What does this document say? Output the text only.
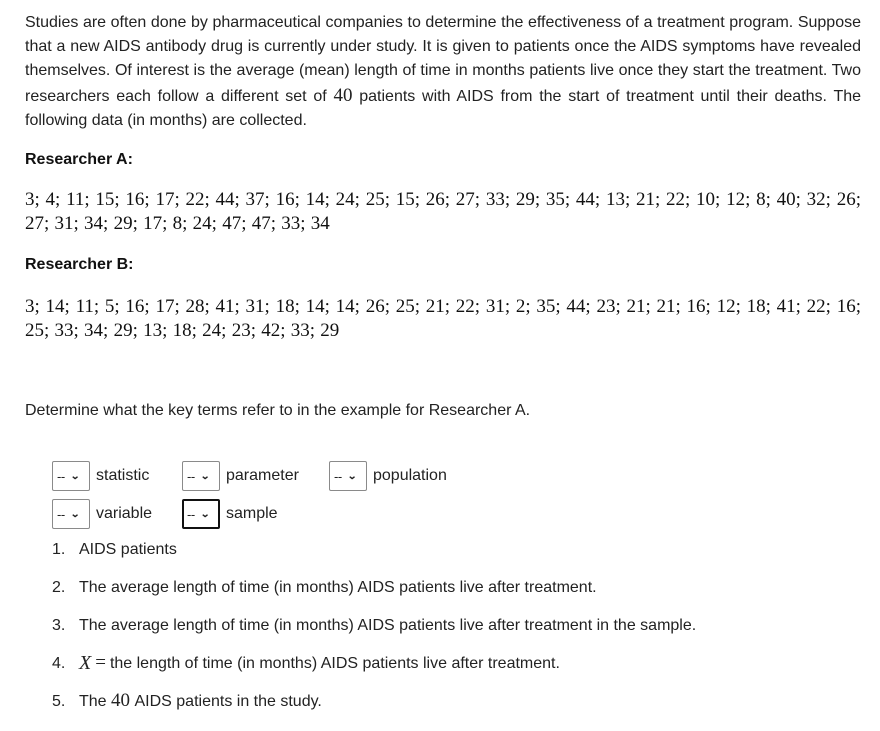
Studies are often done by pharmaceutical companies to determine the effectiveness of a treatment program. Suppose that a new AIDS antibody drug is currently under study. It is given to patients once the AIDS symptoms have revealed themselves. Of interest is the average (mean) length of time in months patients live once they start the treatment. Two researchers each follow a different set of 40 patients with AIDS from the start of treatment until their deaths. The following data (in months) are collected.

Researcher A:

3; 4; 11; 15; 16; 17; 22; 44; 37; 16; 14; 24; 25; 15; 26; 27; 33; 29; 35; 44; 13; 21; 22; 10; 12; 8; 40; 32; 26; 27; 31; 34; 29; 17; 8; 24; 47; 47; 33; 34

Researcher B:

3; 14; 11; 5; 16; 17; 28; 41; 31; 18; 14; 14; 26; 25; 21; 22; 31; 2; 35; 44; 23; 21; 21; 16; 12; 18; 41; 22; 16; 25; 33; 34; 29; 13; 18; 24; 23; 42; 33; 29

Determine what the key terms refer to in the example for Researcher A.

-- ⌄ statistic	-- ⌄ parameter	-- ⌄ population
-- ⌄ variable	-- ⌄ sample
1. AIDS patients
2. The average length of time (in months) AIDS patients live after treatment.
3. The average length of time (in months) AIDS patients live after treatment in the sample.
4. X = the length of time (in months) AIDS patients live after treatment.
5. The
40
AIDS patients in the study.
